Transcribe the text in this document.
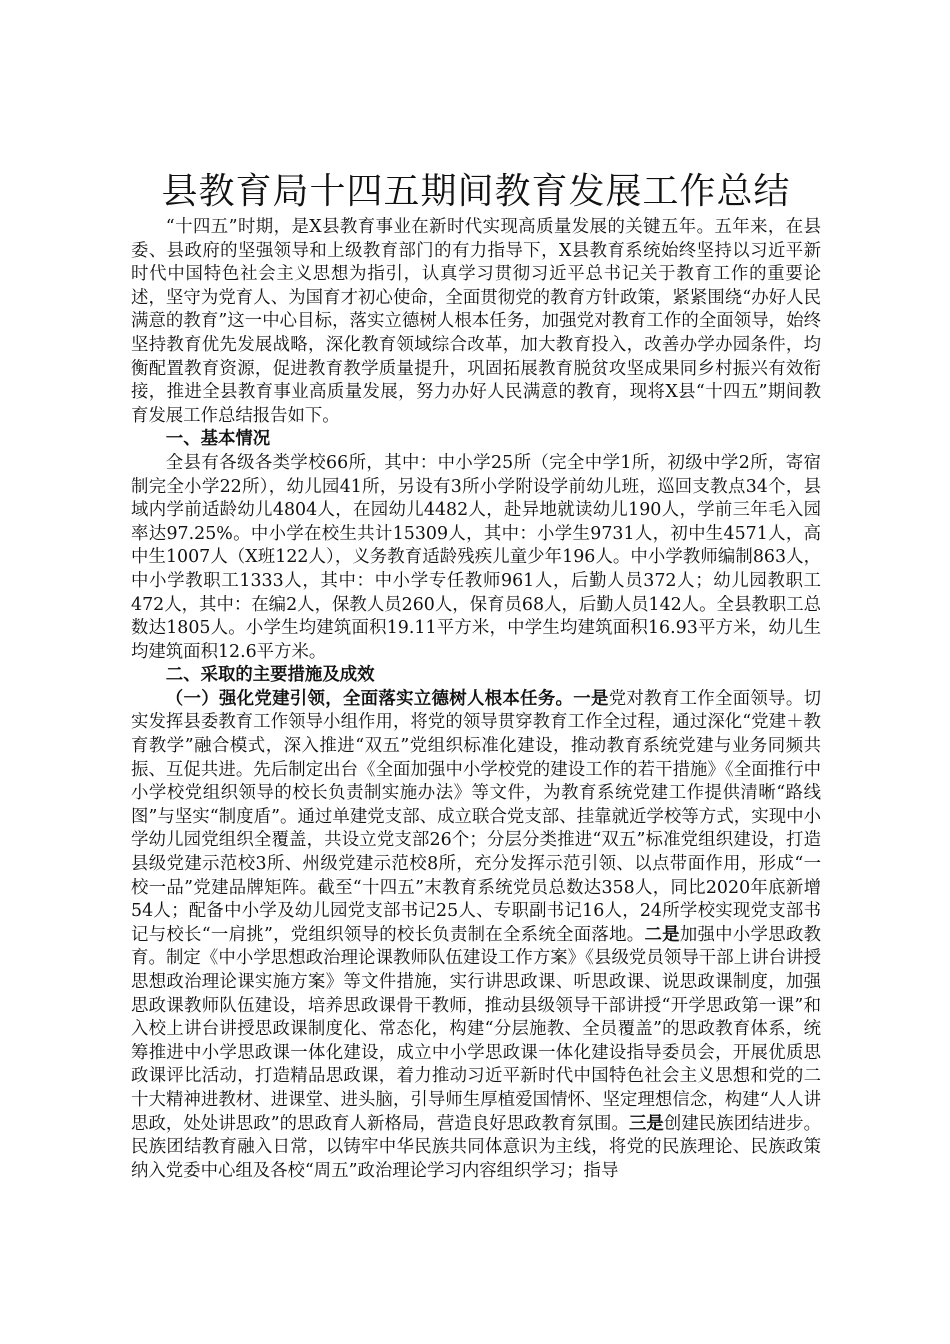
县教育局十四五期间教育发展工作总结

“十四五”时期，是X县教育事业在新时代实现高质量发展的关键五年。五年来，在县委、县政府的坚强领导和上级教育部门的有力指导下，X县教育系统始终坚持以习近平新时代中国特色社会主义思想为指引，认真学习贯彻习近平总书记关于教育工作的重要论述，坚守为党育人、为国育才初心使命，全面贯彻党的教育方针政策，紧紧围绕“办好人民满意的教育”这一中心目标，落实立德树人根本任务，加强党对教育工作的全面领导，始终坚持教育优先发展战略，深化教育领域综合改革，加大教育投入，改善办学办园条件，均衡配置教育资源，促进教育教学质量提升，巩固拓展教育脱贫攻坚成果同乡村振兴有效衔接，推进全县教育事业高质量发展，努力办好人民满意的教育，现将X县“十四五”期间教育发展工作总结报告如下。

一、基本情况

全县有各级各类学校66所，其中：中小学25所（完全中学1所，初级中学2所，寄宿制完全小学22所），幼儿园41所，另设有3所小学附设学前幼儿班，巡回支教点34个，县域内学前适龄幼儿4804人，在园幼儿4482人，赴异地就读幼儿190人，学前三年毛入园率达97.25%。中小学在校生共计15309人，其中：小学生9731人，初中生4571人，高中生1007人（X班122人），义务教育适龄残疾儿童少年196人。中小学教师编制863人，中小学教职工1333人，其中：中小学专任教师961人，后勤人员372人；幼儿园教职工472人，其中：在编2人，保教人员260人，保育员68人，后勤人员142人。全县教职工总数达1805人。小学生均建筑面积19.11平方米，中学生均建筑面积16.93平方米，幼儿生均建筑面积12.6平方米。

二、采取的主要措施及成效

（一）强化党建引领，全面落实立德树人根本任务。一是党对教育工作全面领导。切实发挥县委教育工作领导小组作用，将党的领导贯穿教育工作全过程，通过深化“党建＋教育教学”融合模式，深入推进“双五”党组织标准化建设，推动教育系统党建与业务同频共振、互促共进。先后制定出台《全面加强中小学校党的建设工作的若干措施》《全面推行中小学校党组织领导的校长负责制实施办法》等文件，为教育系统党建工作提供清晰“路线图”与坚实“制度盾”。通过单建党支部、成立联合党支部、挂靠就近学校等方式，实现中小学幼儿园党组织全覆盖，共设立党支部26个；分层分类推进“双五”标准党组织建设，打造县级党建示范校3所、州级党建示范校8所，充分发挥示范引领、以点带面作用，形成“一校一品”党建品牌矩阵。截至“十四五”末教育系统党员总数达358人，同比2020年底新增54人；配备中小学及幼儿园党支部书记25人、专职副书记16人，24所学校实现党支部书记与校长“一肩挑”，党组织领导的校长负责制在全系统全面落地。二是加强中小学思政教育。制定《中小学思想政治理论课教师队伍建设工作方案》《县级党员领导干部上讲台讲授思想政治理论课实施方案》等文件措施，实行讲思政课、听思政课、说思政课制度，加强思政课教师队伍建设，培养思政课骨干教师，推动县级领导干部讲授“开学思政第一课”和入校上讲台讲授思政课制度化、常态化，构建“分层施教、全员覆盖”的思政教育体系，统筹推进中小学思政课一体化建设，成立中小学思政课一体化建设指导委员会，开展优质思政课评比活动，打造精品思政课，着力推动习近平新时代中国特色社会主义思想和党的二十大精神进教材、进课堂、进头脑，引导师生厚植爱国情怀、坚定理想信念，构建“人人讲思政，处处讲思政”的思政育人新格局，营造良好思政教育氛围。三是创建民族团结进步。民族团结教育融入日常，以铸牢中华民族共同体意识为主线，将党的民族理论、民族政策纳入党委中心组及各校“周五”政治理论学习内容组织学习；指导
